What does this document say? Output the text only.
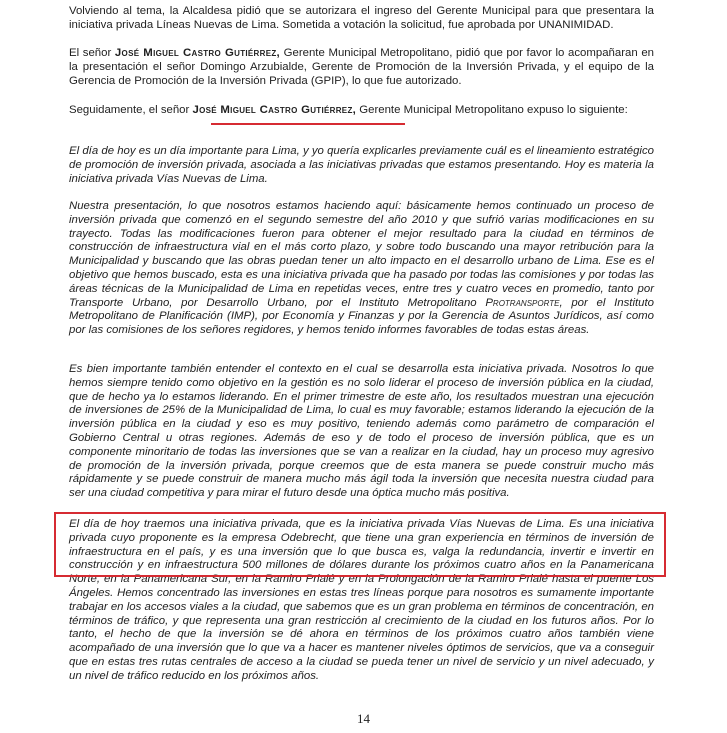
Volviendo al tema, la Alcaldesa pidió que se autorizara el ingreso del Gerente Municipal para que presentara la iniciativa privada Líneas Nuevas de Lima. Sometida a votación la solicitud, fue aprobada por UNANIMIDAD.

El señor José Miguel Castro Gutiérrez, Gerente Municipal Metropolitano, pidió que por favor lo acompañaran en la presentación el señor Domingo Arzubialde, Gerente de Promoción de la Inversión Privada, y el equipo de la Gerencia de Promoción de la Inversión Privada (GPIP), lo que fue autorizado.

Seguidamente, el señor José Miguel Castro Gutiérrez, Gerente Municipal Metropolitano expuso lo siguiente:

El día de hoy es un día importante para Lima, y yo quería explicarles previamente cuál es el lineamiento estratégico de promoción de inversión privada, asociada a las iniciativas privadas que estamos presentando. Hoy es materia la iniciativa privada Vías Nuevas de Lima.

Nuestra presentación, lo que nosotros estamos haciendo aquí: básicamente hemos continuado un proceso de inversión privada que comenzó en el segundo semestre del año 2010 y que sufrió varias modificaciones en su trayecto. Todas las modificaciones fueron para obtener el mejor resultado para la ciudad en términos de construcción de infraestructura vial en el más corto plazo, y sobre todo buscando una mayor retribución para la Municipalidad y buscando que las obras puedan tener un alto impacto en el desarrollo urbano de Lima. Ese es el objetivo que hemos buscado, esta es una iniciativa privada que ha pasado por todas las comisiones y por todas las áreas técnicas de la Municipalidad de Lima en repetidas veces, entre tres y cuatro veces en promedio, tanto por Transporte Urbano, por Desarrollo Urbano, por el Instituto Metropolitano Protransporte, por el Instituto Metropolitano de Planificación (IMP), por Economía y Finanzas y por la Gerencia de Asuntos Jurídicos, así como por las comisiones de los señores regidores, y hemos tenido informes favorables de todas estas áreas.

Es bien importante también entender el contexto en el cual se desarrolla esta iniciativa privada. Nosotros lo que hemos siempre tenido como objetivo en la gestión es no solo liderar el proceso de inversión pública en la ciudad, que de hecho ya lo estamos liderando. En el primer trimestre de este año, los resultados muestran una ejecución de inversiones de 25% de la Municipalidad de Lima, lo cual es muy favorable; estamos liderando la ejecución de la inversión pública en la ciudad y eso es muy positivo, teniendo además como parámetro de comparación el Gobierno Central u otras regiones. Además de eso y de todo el proceso de inversión pública, que es un componente minoritario de todas las inversiones que se van a realizar en la ciudad, hay un proceso muy agresivo de promoción de la inversión privada, porque creemos que de esta manera se puede construir mucho más rápidamente y se puede construir de manera mucho más ágil toda la inversión que necesita nuestra ciudad para ser una ciudad competitiva y para mirar el futuro desde una óptica mucho más positiva.

El día de hoy traemos una iniciativa privada, que es la iniciativa privada Vías Nuevas de Lima. Es una iniciativa privada cuyo proponente es la empresa Odebrecht, que tiene una gran experiencia en términos de inversión de infraestructura en el país, y es una inversión que lo que busca es, valga la redundancia, invertir e invertir en construcción y en infraestructura 500 millones de dólares durante los próximos cuatro años en la Panamericana Norte, en la Panamericana Sur, en la Ramiro Prialé y en la Prolongación de la Ramiro Prialé hasta el puente Los Ángeles. Hemos concentrado las inversiones en estas tres líneas porque para nosotros es sumamente importante trabajar en los accesos viales a la ciudad, que sabemos que es un gran problema en términos de concentración, en términos de tráfico, y que representa una gran restricción al crecimiento de la ciudad en los futuros años. Por lo tanto, el hecho de que la inversión se dé ahora en términos de los próximos cuatro años también viene acompañado de una inversión que lo que va a hacer es mantener niveles óptimos de servicios, que va a conseguir que en estas tres rutas centrales de acceso a la ciudad se pueda tener un nivel de servicio y un nivel adecuado, y un nivel de tráfico reducido en los próximos años.

14
